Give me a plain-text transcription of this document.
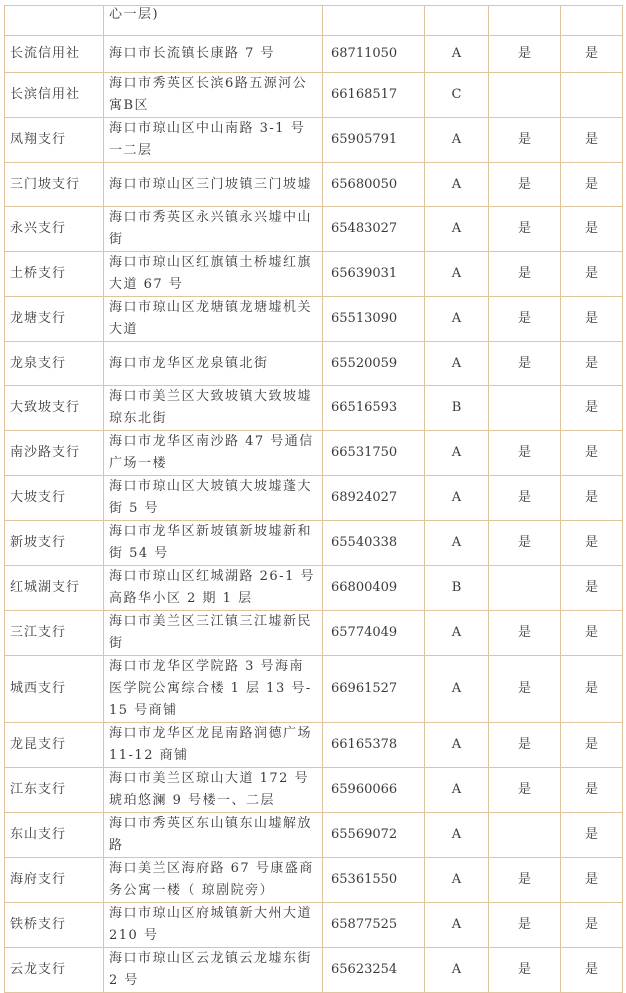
	心一层)				
长流信用社	海口市长流镇长康路 7 号	68711050	A	是	是
长滨信用社	海口市秀英区长滨6路五源河公寓B区	66168517	C		
凤翔支行	海口市琼山区中山南路 3-1 号一二层	65905791	A	是	是
三门坡支行	海口市琼山区三门坡镇三门坡墟	65680050	A	是	是
永兴支行	海口市秀英区永兴镇永兴墟中山街	65483027	A	是	是
土桥支行	海口市琼山区红旗镇土桥墟红旗大道 67 号	65639031	A	是	是
龙塘支行	海口市琼山区龙塘镇龙塘墟机关大道	65513090	A	是	是
龙泉支行	海口市龙华区龙泉镇北街	65520059	A	是	是
大致坡支行	海口市美兰区大致坡镇大致坡墟琼东北街	66516593	B		是
南沙路支行	海口市龙华区南沙路 47 号通信广场一楼	66531750	A	是	是
大坡支行	海口市琼山区大坡镇大坡墟蓬大街 5 号	68924027	A	是	是
新坡支行	海口市龙华区新坡镇新坡墟新和街 54 号	65540338	A	是	是
红城湖支行	海口市琼山区红城湖路 26-1 号高路华小区 2 期 1 层	66800409	B		是
三江支行	海口市美兰区三江镇三江墟新民街	65774049	A	是	是
城西支行	海口市龙华区学院路 3 号海南医学院公寓综合楼 1 层 13 号-15 号商铺	66961527	A	是	是
龙昆支行	海口市龙华区龙昆南路润德广场 11-12 商铺	66165378	A	是	是
江东支行	海口市美兰区琼山大道 172 号琥珀悠澜 9 号楼一、二层	65960066	A	是	是
东山支行	海口市秀英区东山镇东山墟解放路	65569072	A		是
海府支行	海口美兰区海府路 67 号康盛商务公寓一楼（ 琼剧院旁）	65361550	A	是	是
铁桥支行	海口市琼山区府城镇新大州大道 210 号	65877525	A	是	是
云龙支行	海口市琼山区云龙镇云龙墟东街 2 号	65623254	A	是	是
